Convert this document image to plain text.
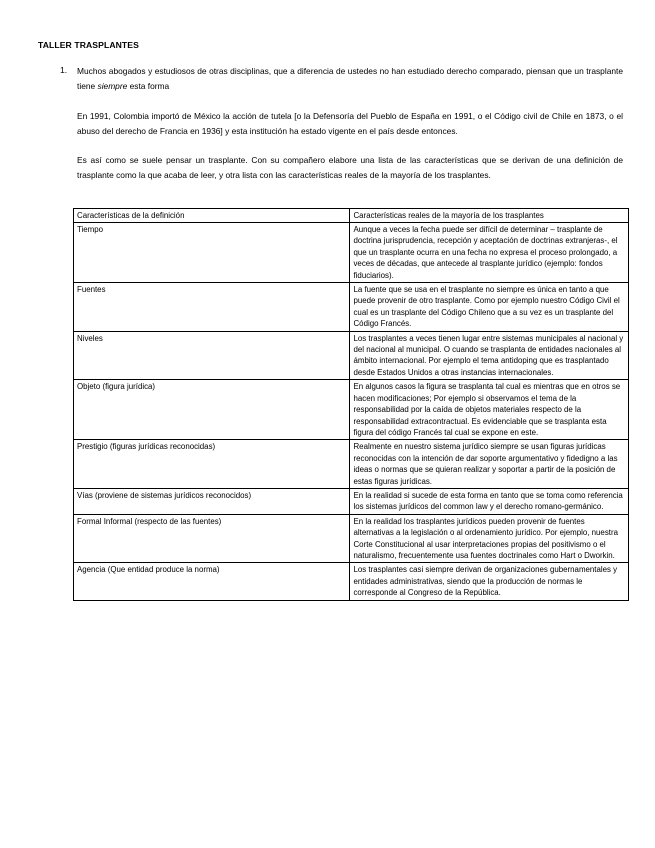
TALLER TRASPLANTES
1. Muchos abogados y estudiosos de otras disciplinas, que a diferencia de ustedes no han estudiado derecho comparado, piensan que un trasplante tiene siempre esta forma
En 1991, Colombia importó de México la acción de tutela [o la Defensoría del Pueblo de España en 1991, o el Código civil de Chile en 1873, o el abuso del derecho de Francia en 1936] y esta institución ha estado vigente en el país desde entonces.
Es así como se suele pensar un trasplante. Con su compañero elabore una lista de las características que se derivan de una definición de trasplante como la que acaba de leer, y otra lista con las características reales de la mayoría de los trasplantes.
Características de la definición	Características reales de la mayoría de los trasplantes
Tiempo	Aunque a veces la fecha puede ser difícil de determinar – trasplante de doctrina jurisprudencia, recepción y aceptación de doctrinas extranjeras-, el que un trasplante ocurra en una fecha no expresa el proceso prolongado, a veces de décadas, que antecede al trasplante jurídico (ejemplo: fondos fiduciarios).
Fuentes	La fuente que se usa en el trasplante no siempre es única en tanto a que puede provenir de otro trasplante. Como por ejemplo nuestro Código Civil el cual es un trasplante del Código Chileno que a su vez es un trasplante del Código Francés.
Niveles	Los trasplantes a veces tienen lugar entre sistemas municipales al nacional y del nacional al municipal. O cuando se trasplanta de entidades nacionales al ámbito internacional. Por ejemplo el tema antidoping que es trasplantado desde Estados Unidos a otras instancias internacionales.
Objeto (figura jurídica)	En algunos casos la figura se trasplanta tal cual es mientras que en otros se hacen modificaciones; Por ejemplo si observamos el tema de la responsabilidad por la caída de objetos materiales respecto de la responsabilidad extracontractual. Es evidenciable que se trasplanta esta figura del código Francés tal cual se expone en este.
Prestigio (figuras jurídicas reconocidas)	Realmente en nuestro sistema jurídico siempre se usan figuras jurídicas reconocidas con la intención de dar soporte argumentativo y fidedigno a las ideas o normas que se quieran realizar y soportar a partir de la posición de estas figuras jurídicas.
Vías (proviene de sistemas jurídicos reconocidos)	En la realidad si sucede de esta forma en tanto que se toma como referencia los sistemas jurídicos del common law y el derecho romano-germánico.
Formal Informal (respecto de las fuentes)	En la realidad los trasplantes jurídicos pueden provenir de fuentes alternativas a la legislación o al ordenamiento jurídico. Por ejemplo, nuestra Corte Constitucional al usar interpretaciones propias del positivismo o el naturalismo, frecuentemente usa fuentes doctrinales como Hart o Dworkin.
Agencia (Que entidad produce la norma)	Los trasplantes casi siempre derivan de organizaciones gubernamentales y entidades administrativas, siendo que la producción de normas le corresponde al Congreso de la República.
